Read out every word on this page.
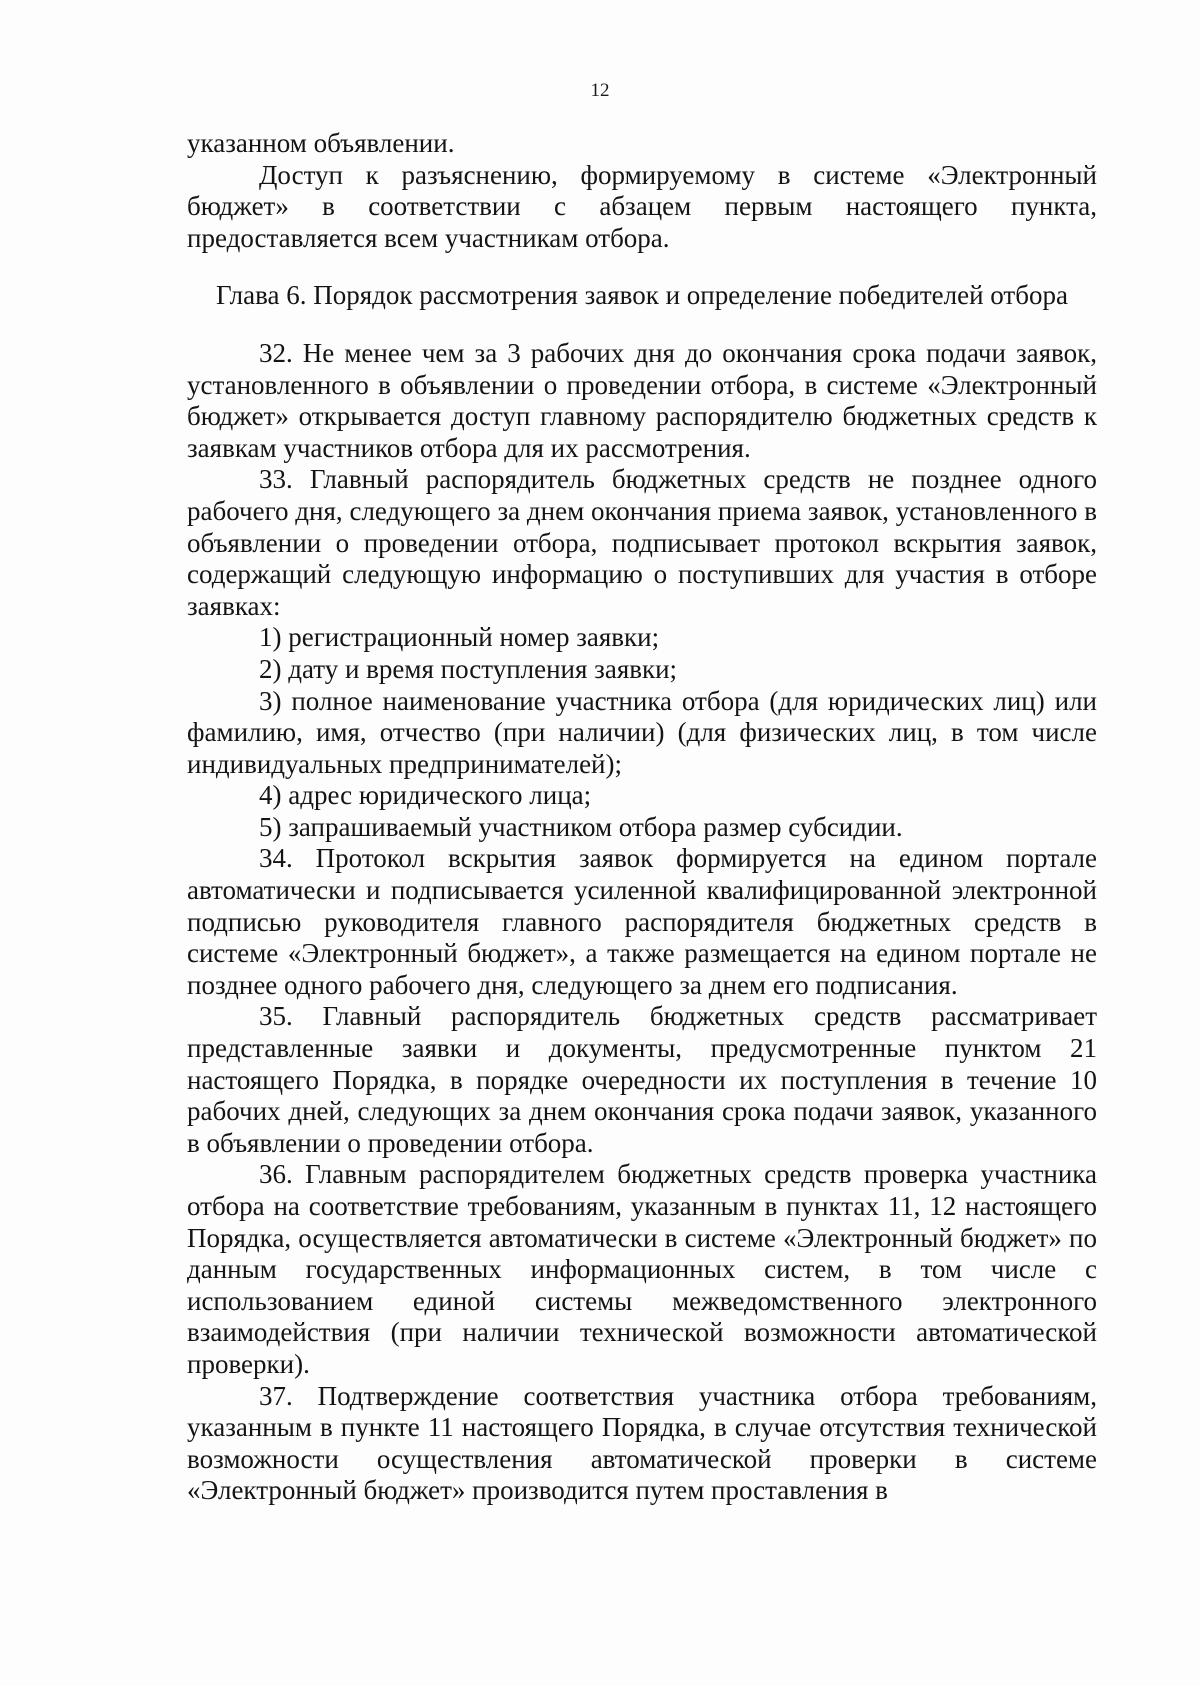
12

указанном объявлении.

Доступ к разъяснению, формируемому в системе «Электронный бюджет» в соответствии с абзацем первым настоящего пункта, предоставляется всем участникам отбора.

Глава 6. Порядок рассмотрения заявок и определение победителей отбора

32. Не менее чем за 3 рабочих дня до окончания срока подачи заявок, установленного в объявлении о проведении отбора, в системе «Электронный бюджет» открывается доступ главному распорядителю бюджетных средств к заявкам участников отбора для их рассмотрения.

33. Главный распорядитель бюджетных средств не позднее одного рабочего дня, следующего за днем окончания приема заявок, установленного в объявлении о проведении отбора, подписывает протокол вскрытия заявок, содержащий следующую информацию о поступивших для участия в отборе заявках:

1) регистрационный номер заявки;

2) дату и время поступления заявки;

3) полное наименование участника отбора (для юридических лиц) или фамилию, имя, отчество (при наличии) (для физических лиц, в том числе индивидуальных предпринимателей);

4) адрес юридического лица;

5) запрашиваемый участником отбора размер субсидии.

34. Протокол вскрытия заявок формируется на едином портале автоматически и подписывается усиленной квалифицированной электронной подписью руководителя главного распорядителя бюджетных средств в системе «Электронный бюджет», а также размещается на едином портале не позднее одного рабочего дня, следующего за днем его подписания.

35. Главный распорядитель бюджетных средств рассматривает представленные заявки и документы, предусмотренные пунктом 21 настоящего Порядка, в порядке очередности их поступления в течение 10 рабочих дней, следующих за днем окончания срока подачи заявок, указанного в объявлении о проведении отбора.

36. Главным распорядителем бюджетных средств проверка участника отбора на соответствие требованиям, указанным в пунктах 11, 12 настоящего Порядка, осуществляется автоматически в системе «Электронный бюджет» по данным государственных информационных систем, в том числе с использованием единой системы межведомственного электронного взаимодействия (при наличии технической возможности автоматической проверки).

37. Подтверждение соответствия участника отбора требованиям, указанным в пункте 11 настоящего Порядка, в случае отсутствия технической возможности осуществления автоматической проверки в системе «Электронный бюджет» производится путем проставления в
